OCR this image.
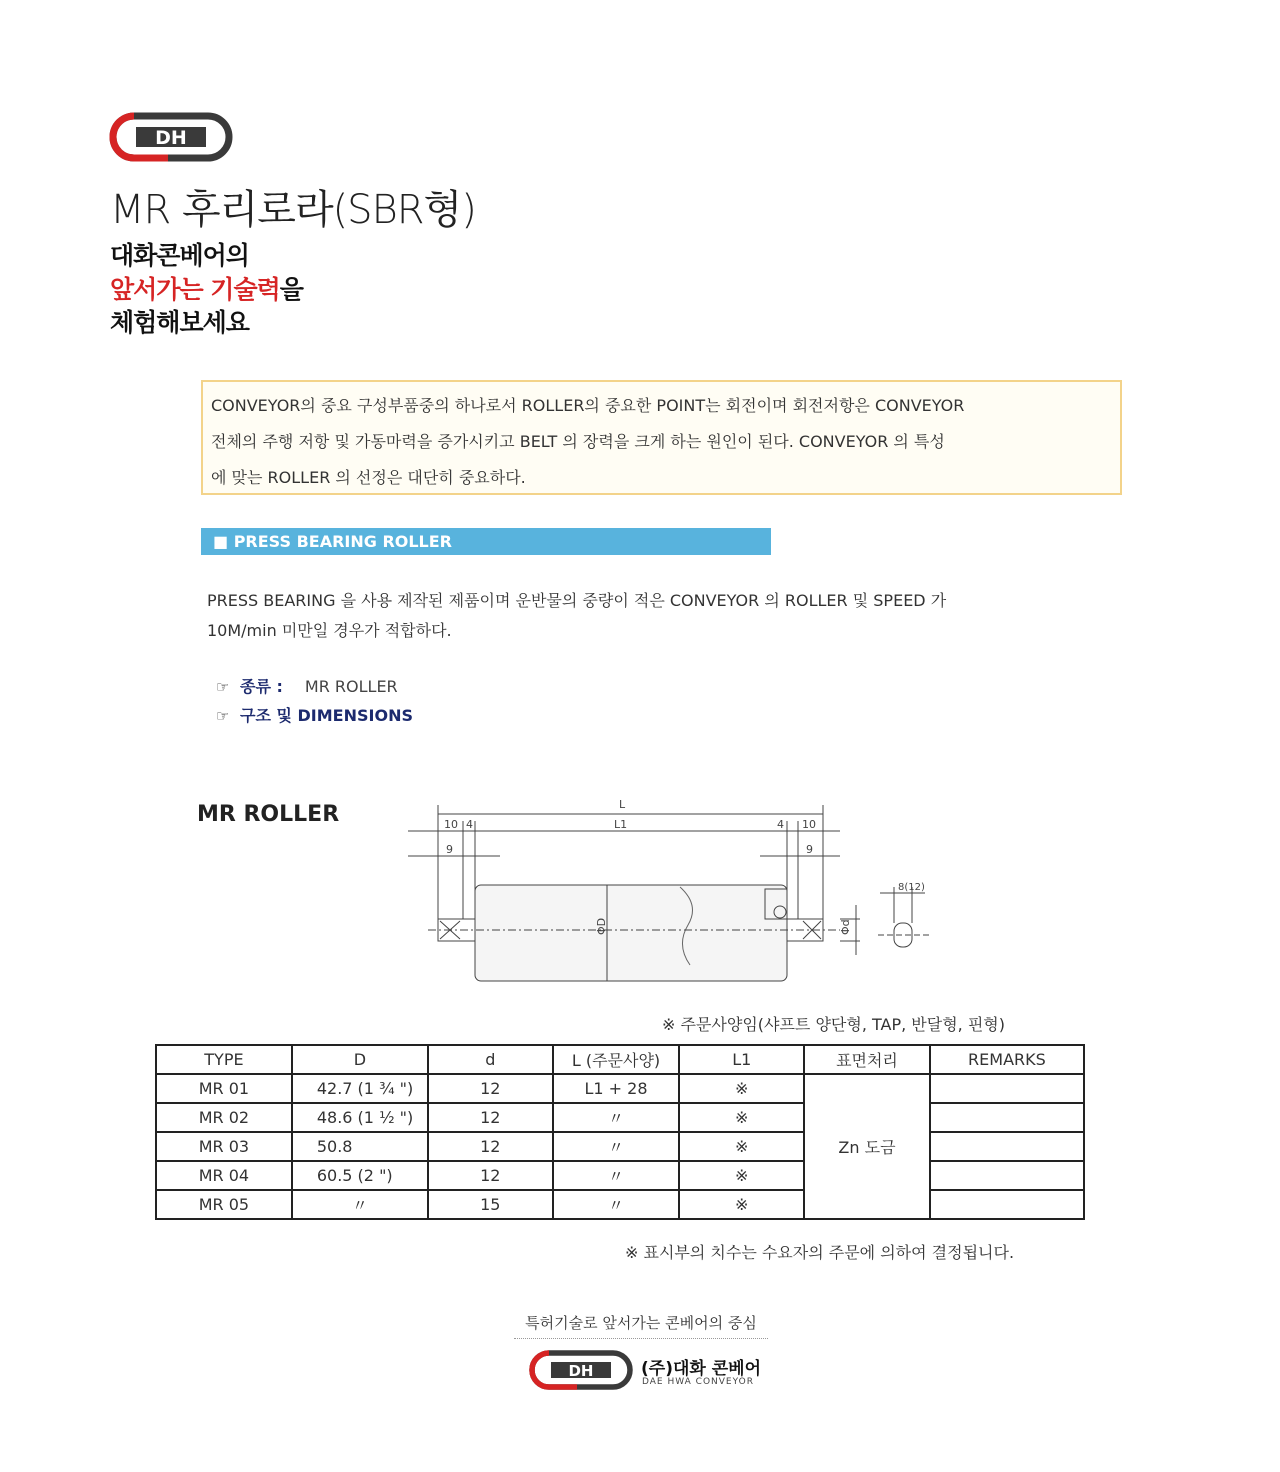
DH
MR 후리로라(SBR형)
대화콘베어의
앞서가는 기술력을
체험해보세요
CONVEYOR의 중요 구성부품중의 하나로서 ROLLER의 중요한 POINT는 회전이며 회전저항은 CONVEYOR
전체의 주행 저항 및 가동마력을 증가시키고 BELT 의 장력을 크게 하는 원인이 된다. CONVEYOR 의 특성
에 맞는 ROLLER 의 선정은 대단히 중요하다.
■ PRESS BEARING ROLLER
PRESS BEARING 을 사용 제작된 제품이며 운반물의 중량이 적은 CONVEYOR 의 ROLLER 및 SPEED 가
10M/min 미만일 경우가 적합하다.
☞ 종류 : MR ROLLER
☞ 구조 및 DIMENSIONS
MR ROLLER	L
L1
10 4	4 10
9	9
ΦD	Φd
8(12)
※ 주문사양임(샤프트 양단형, TAP, 반달형, 핀형)
TYPE	D	d	L (주문사양)	L1	표면처리	REMARKS
MR 01	42.7 (1 ¾ ")	12	L1 + 28	※	Zn 도금	
MR 02	48.6 (1 ½ ")	12	〃	※		
MR 03	50.8	12	〃	※		
MR 04	60.5 (2 ")	12	〃	※		
MR 05	〃	15	〃	※		
※ 표시부의 치수는 수요자의 주문에 의하여 결정됩니다.
특허기술로 앞서가는 콘베어의 중심
DH	(주)대화 콘베어
DAE HWA CONVEYOR
